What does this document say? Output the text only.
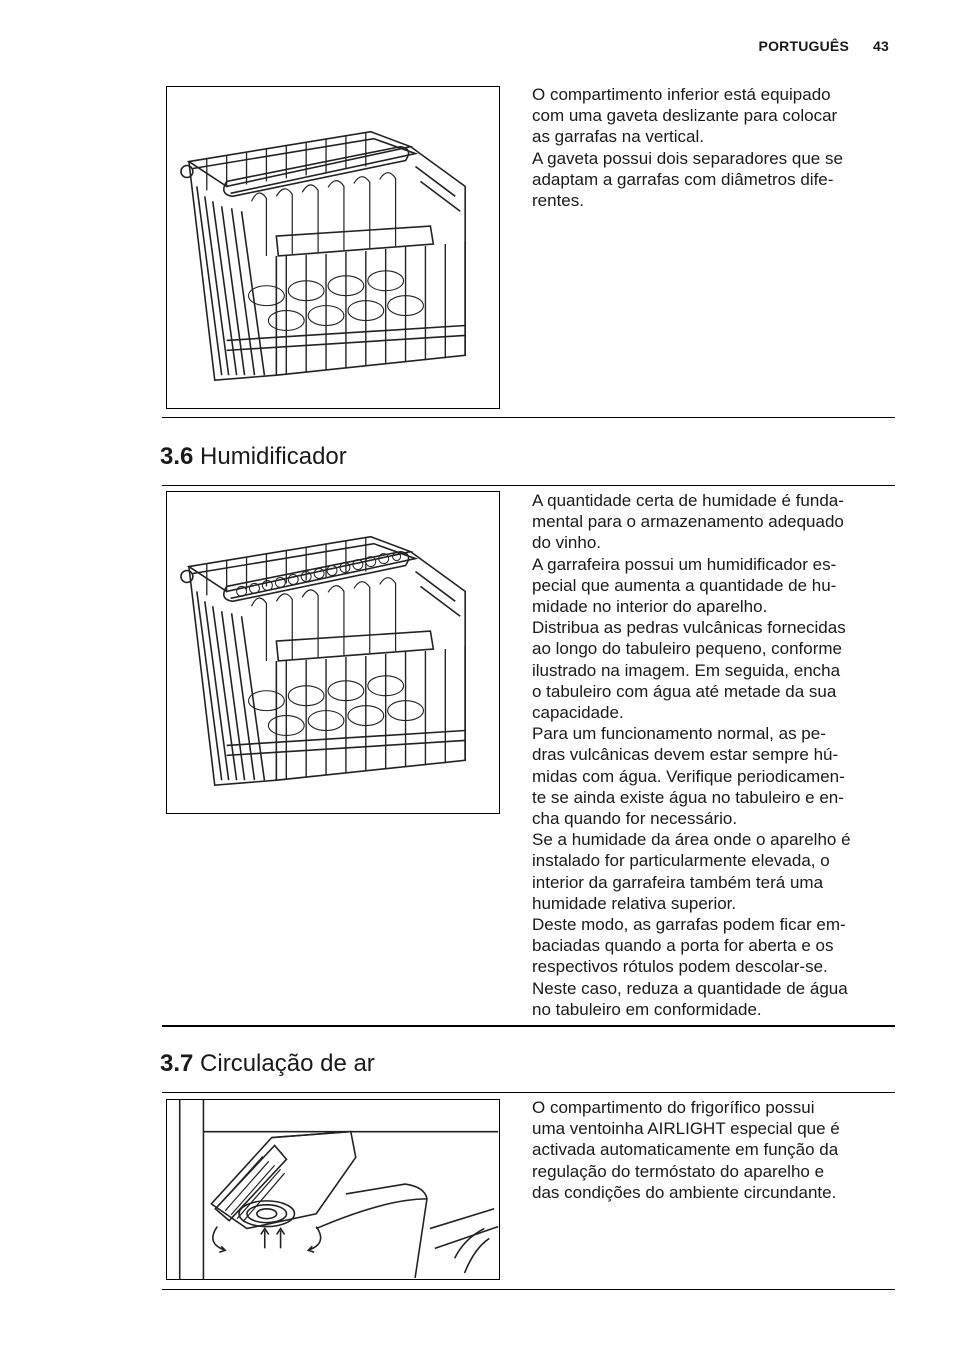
PORTUGUÊS 43

O compartimento inferior está equipado
com uma gaveta deslizante para colocar
as garrafas na vertical.
A gaveta possui dois separadores que se
adaptam a garrafas com diâmetros dife-
rentes.

3.6 Humidificador

A quantidade certa de humidade é funda-
mental para o armazenamento adequado
do vinho.
A garrafeira possui um humidificador es-
pecial que aumenta a quantidade de hu-
midade no interior do aparelho.
Distribua as pedras vulcânicas fornecidas
ao longo do tabuleiro pequeno, conforme
ilustrado na imagem. Em seguida, encha
o tabuleiro com água até metade da sua
capacidade.
Para um funcionamento normal, as pe-
dras vulcânicas devem estar sempre hú-
midas com água. Verifique periodicamen-
te se ainda existe água no tabuleiro e en-
cha quando for necessário.
Se a humidade da área onde o aparelho é
instalado for particularmente elevada, o
interior da garrafeira também terá uma
humidade relativa superior.
Deste modo, as garrafas podem ficar em-
baciadas quando a porta for aberta e os
respectivos rótulos podem descolar-se.
Neste caso, reduza a quantidade de água
no tabuleiro em conformidade.

3.7 Circulação de ar

O compartimento do frigorífico possui
uma ventoinha AIRLIGHT especial que é
activada automaticamente em função da
regulação do termóstato do aparelho e
das condições do ambiente circundante.
